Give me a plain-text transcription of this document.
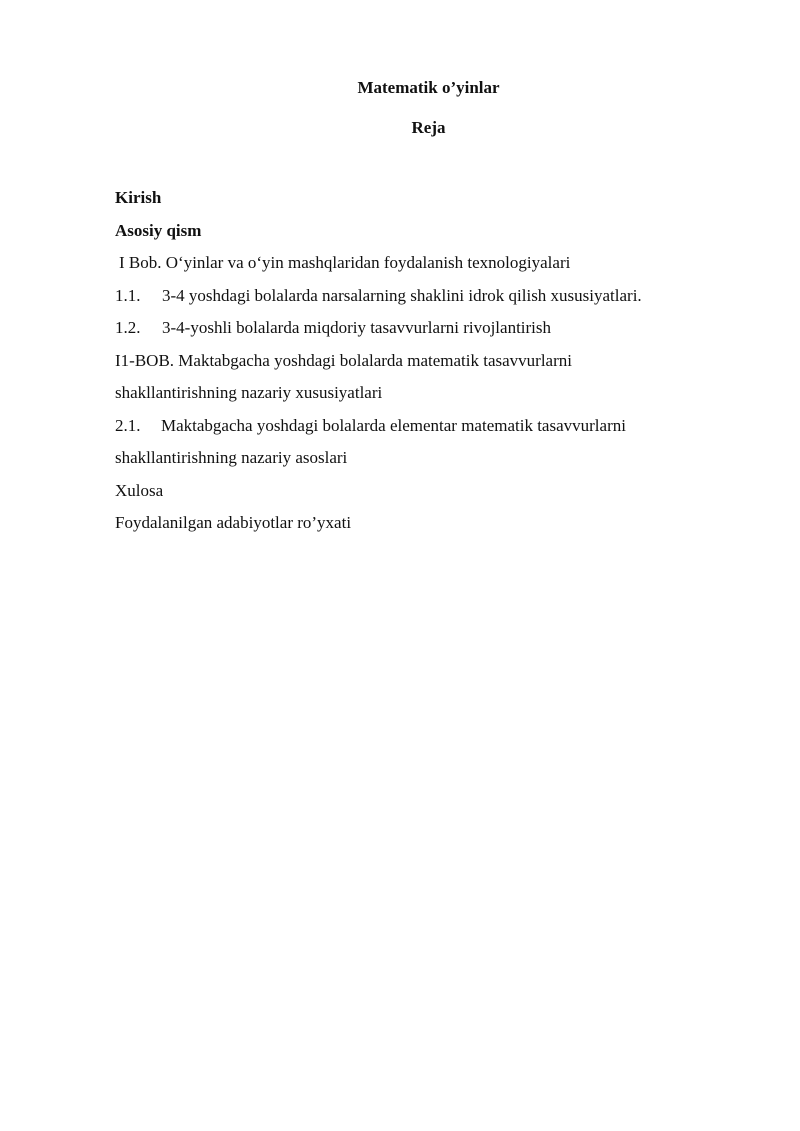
Matematik o’yinlar
Reja
Kirish
Asosiy qism
I Bob. O‘yinlar va o‘yin mashqlaridan foydalanish texnologiyalari
1.1. 3-4 yoshdagi bolalarda narsalarning shaklini idrok qilish xususiyatlari.
1.2. 3-4-yoshli bolalarda miqdoriy tasavvurlarni rivojlantirish
I1-BOB. Maktabgacha yoshdagi bolalarda matematik tasavvurlarni
shakllantirishning nazariy xususiyatlari
2.1. Maktabgacha yoshdagi bolalarda elementar matematik tasavvurlarni
shakllantirishning nazariy asoslari
Xulosa
Foydalanilgan adabiyotlar ro’yxati
